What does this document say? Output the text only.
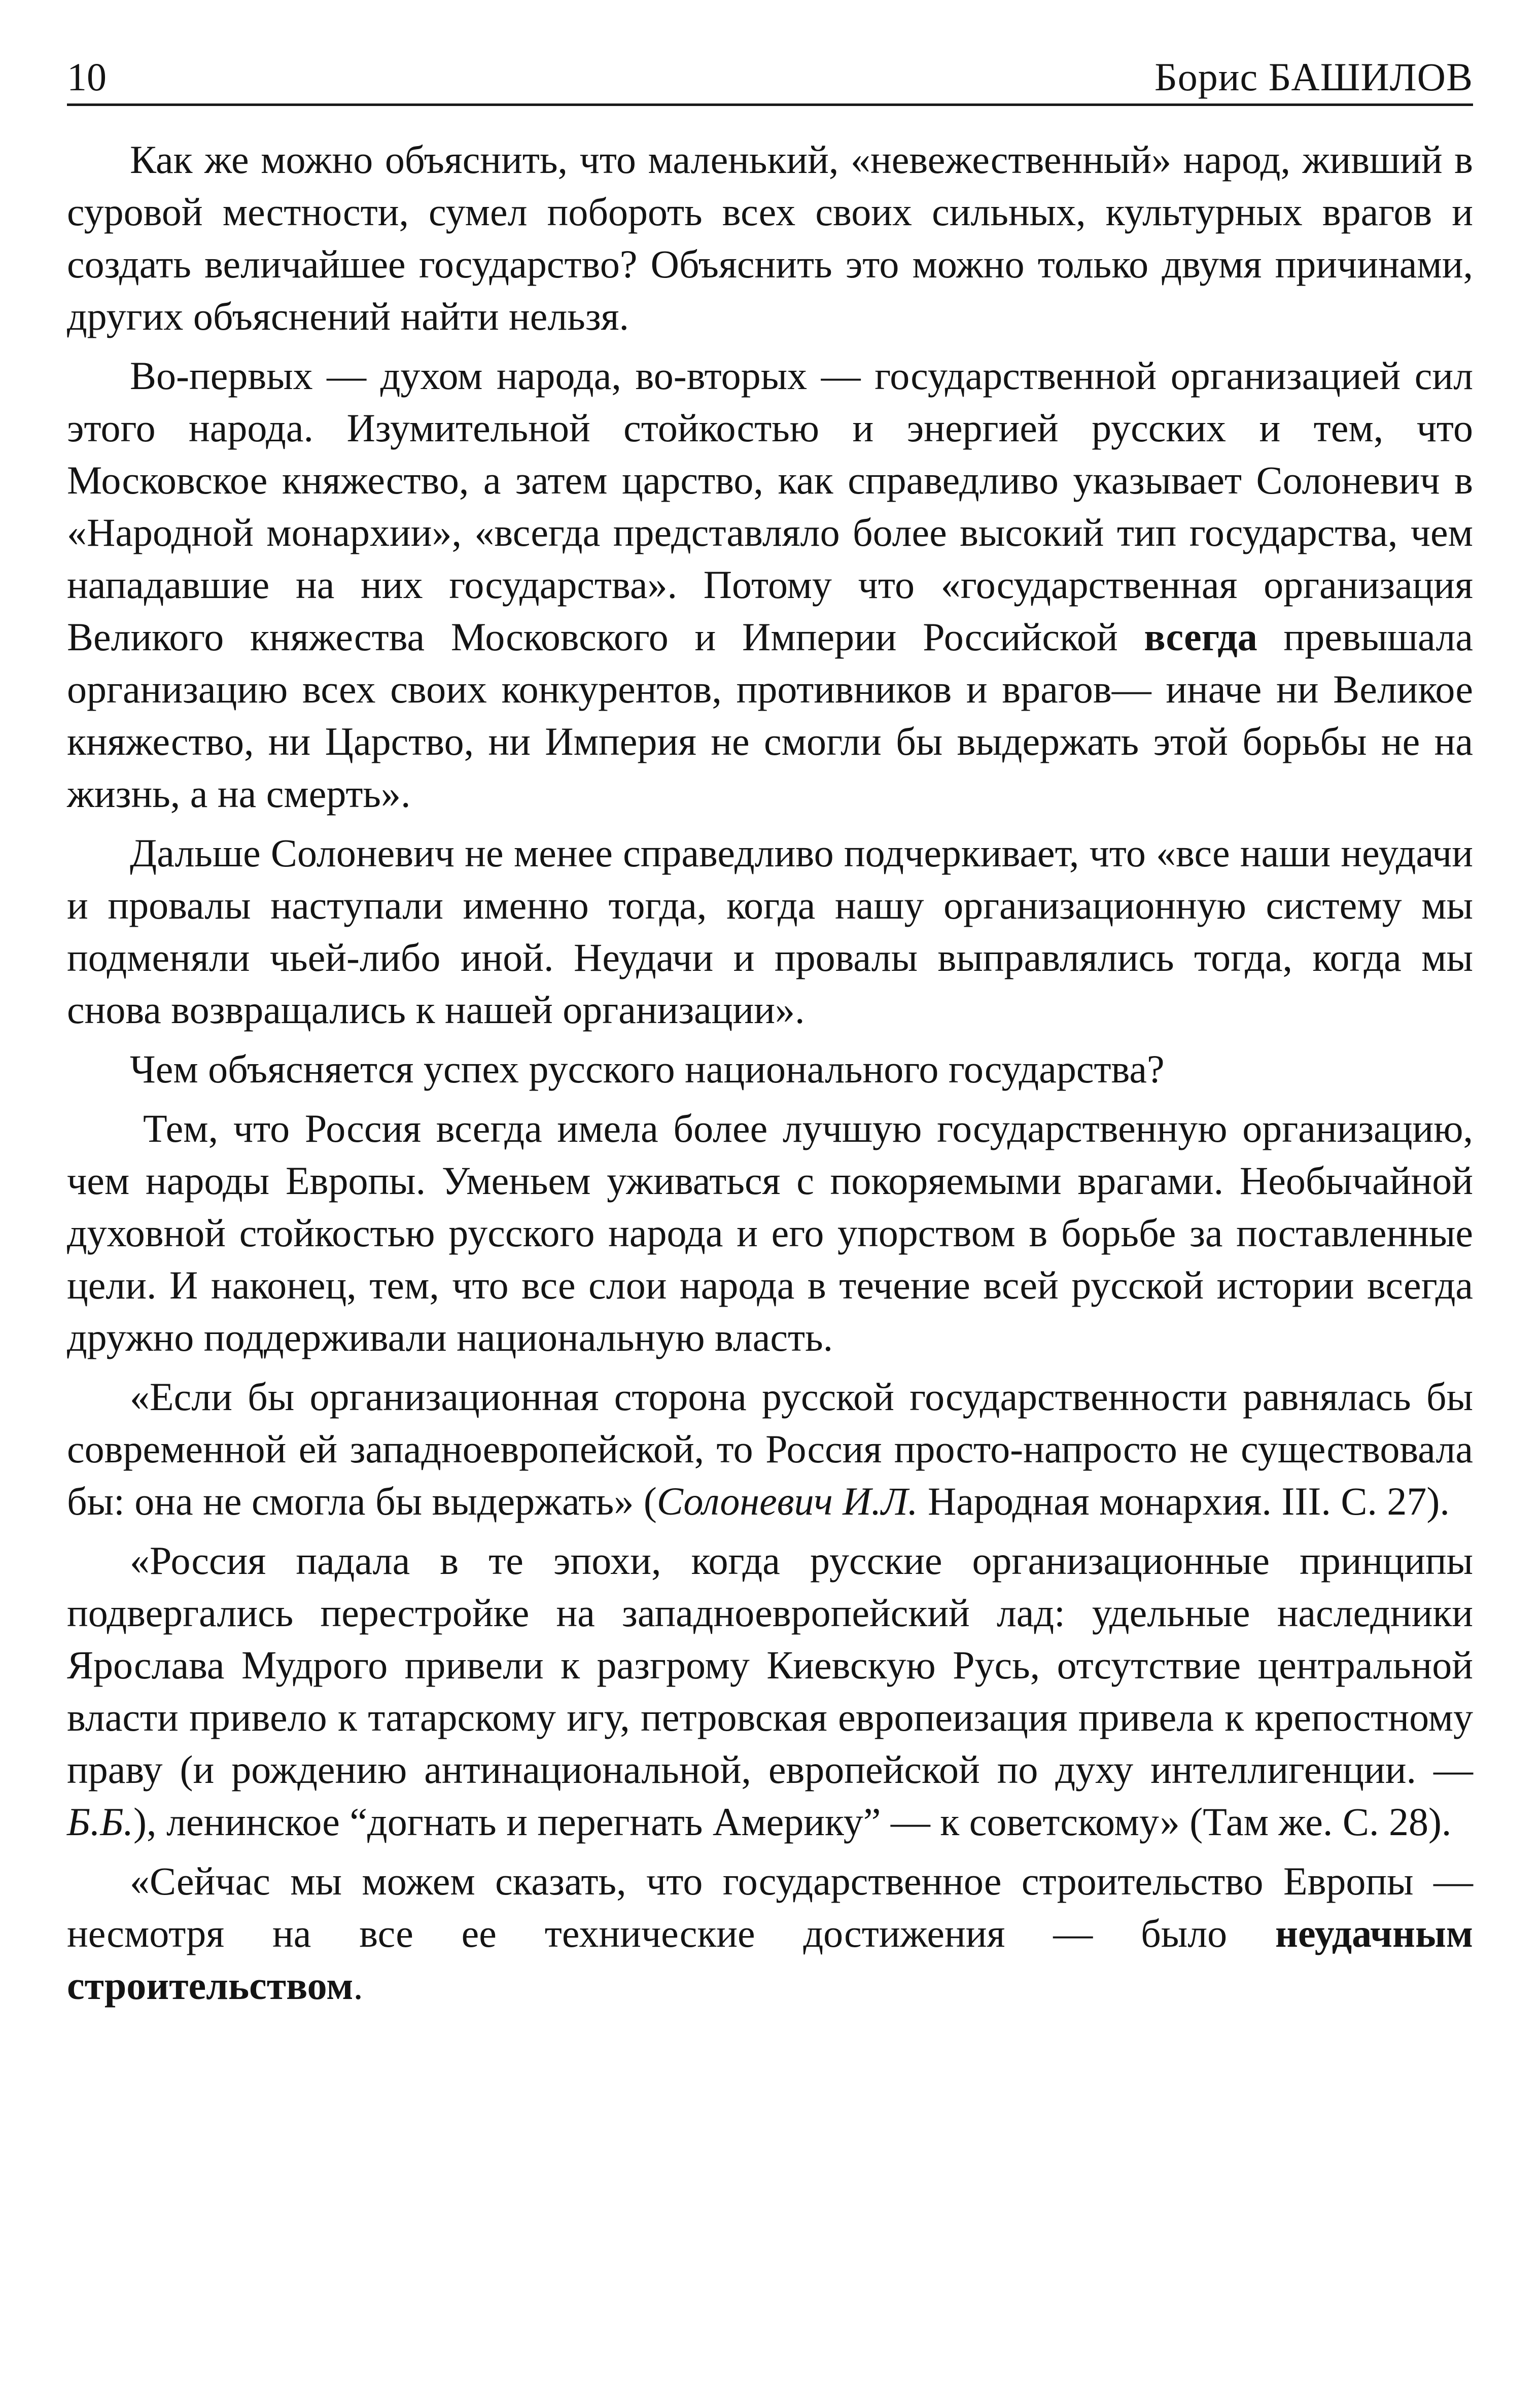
10	Борис БАШИЛОВ

Как же можно объяснить, что маленький, «невежественный» народ, живший в суровой местности, сумел побороть всех своих сильных, культурных врагов и создать величайшее государство? Объяснить это можно только двумя причинами, других объяснений найти нельзя.

Во-первых — духом народа, во-вторых — государственной организацией сил этого народа. Изумительной стойкостью и энергией русских и тем, что Московское княжество, а затем царство, как справедливо указывает Солоневич в «Народной монархии», «всегда представляло более высокий тип государства, чем нападавшие на них государства». Потому что «государственная организация Великого княжества Московского и Империи Российской всегда превышала организацию всех своих конкурентов, противников и врагов— иначе ни Великое княжество, ни Царство, ни Империя не смогли бы выдержать этой борьбы не на жизнь, а на смерть».

Дальше Солоневич не менее справедливо подчеркивает, что «все наши неудачи и провалы наступали именно тогда, когда нашу организационную систему мы подменяли чьей-либо иной. Неудачи и провалы выправлялись тогда, когда мы снова возвращались к нашей организации».

Чем объясняется успех русского национального государства?

Тем, что Россия всегда имела более лучшую государственную организацию, чем народы Европы. Уменьем уживаться с покоряемыми врагами. Необычайной духовной стойкостью русского народа и его упорством в борьбе за поставленные цели. И наконец, тем, что все слои народа в течение всей русской истории всегда дружно поддерживали национальную власть.

«Если бы организационная сторона русской государственности равнялась бы современной ей западноевропейской, то Россия просто-напросто не существовала бы: она не смогла бы выдержать» (Солоневич И.Л. Народная монархия. III. С. 27).

«Россия падала в те эпохи, когда русские организационные принципы подвергались перестройке на западноевропейский лад: удельные наследники Ярослава Мудрого привели к разгрому Киевскую Русь, отсутствие центральной власти привело к татарскому игу, петровская европеизация привела к крепостному праву (и рождению антинациональной, европейской по духу интеллигенции. — Б.Б.), ленинское “догнать и перегнать Америку” — к советскому» (Там же. С. 28).

«Сейчас мы можем сказать, что государственное строительство Европы — несмотря на все ее технические достижения — было неудачным строительством.
